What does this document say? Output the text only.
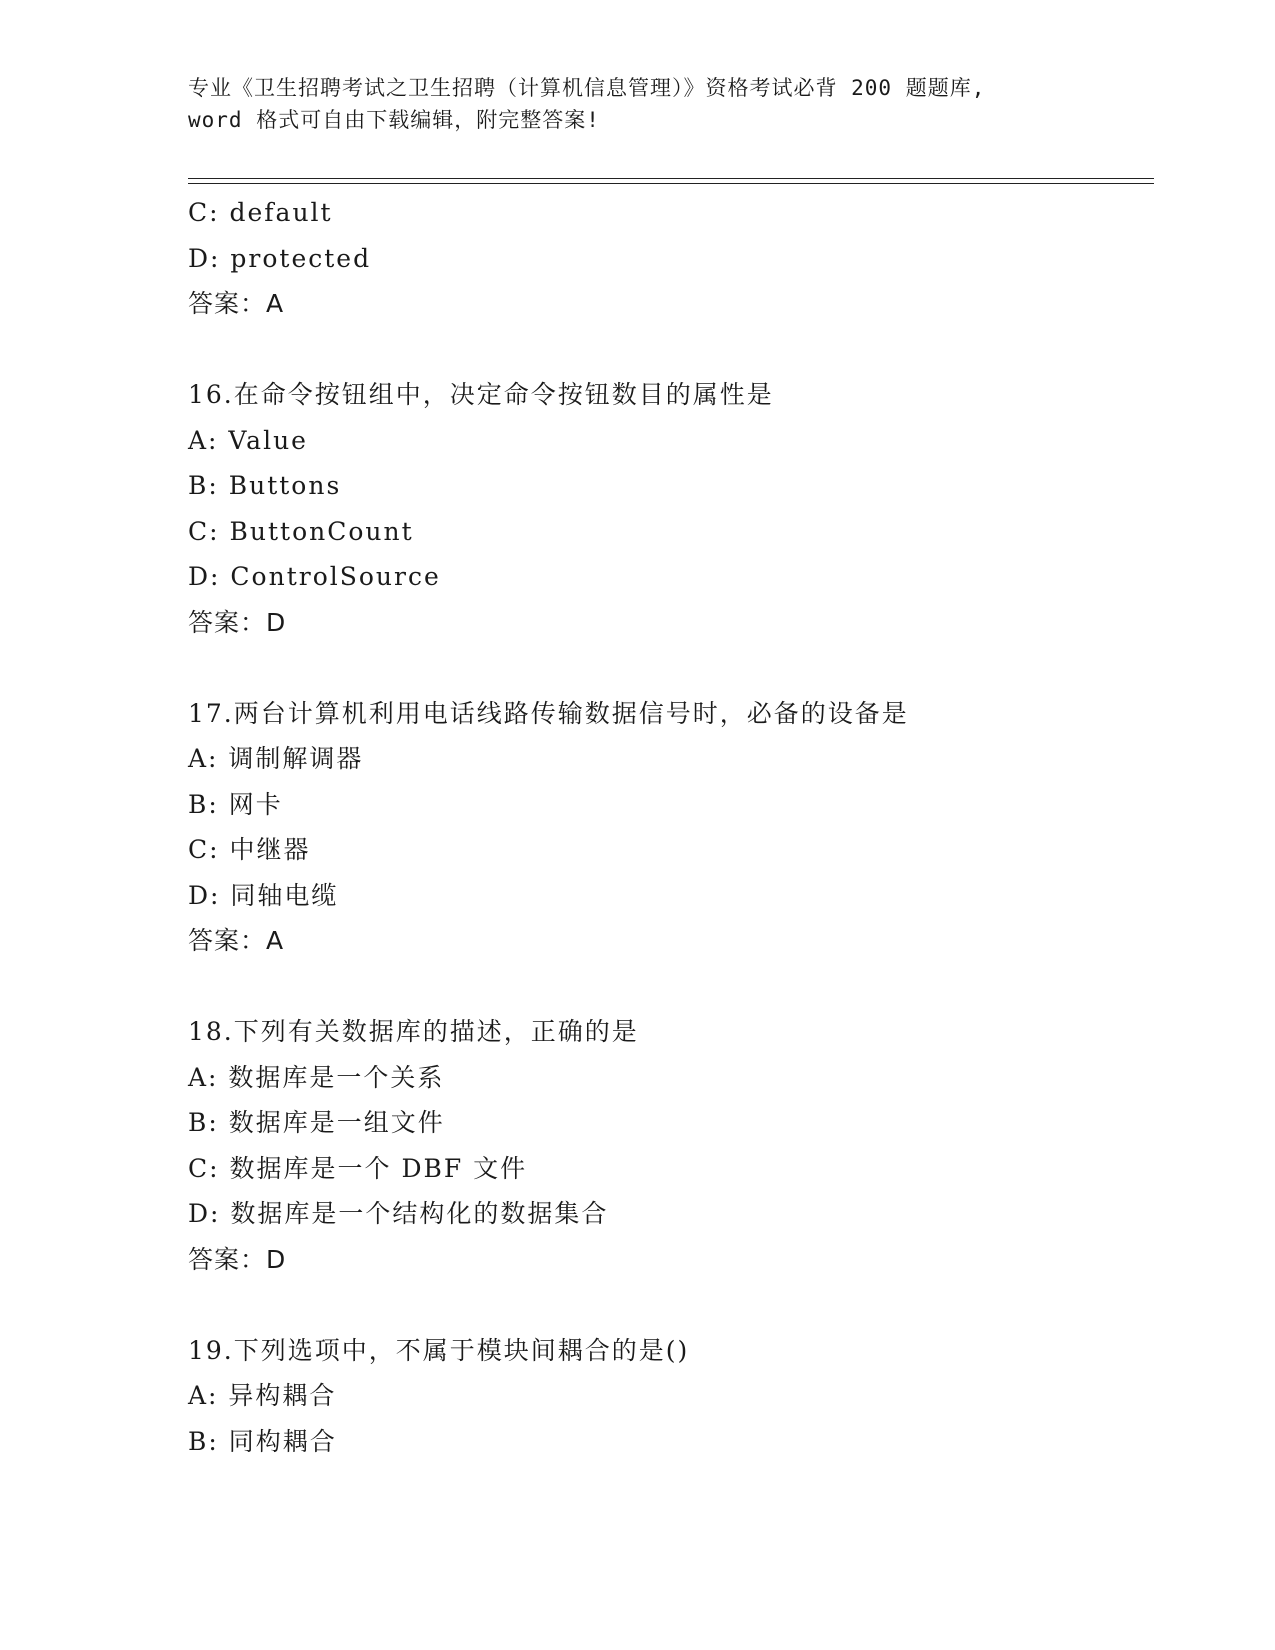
专业《卫生招聘考试之卫生招聘（计算机信息管理）》资格考试必背 200 题题库,
word 格式可自由下载编辑，附完整答案!
C: default
D: protected
答案：A
16.在命令按钮组中，决定命令按钮数目的属性是
A: Value
B: Buttons
C: ButtonCount
D: ControlSource
答案：D
17.两台计算机利用电话线路传输数据信号时，必备的设备是
A: 调制解调器
B: 网卡
C: 中继器
D: 同轴电缆
答案：A
18.下列有关数据库的描述，正确的是
A: 数据库是一个关系
B: 数据库是一组文件
C: 数据库是一个 DBF 文件
D: 数据库是一个结构化的数据集合
答案：D
19.下列选项中，不属于模块间耦合的是()
A: 异构耦合
B: 同构耦合
